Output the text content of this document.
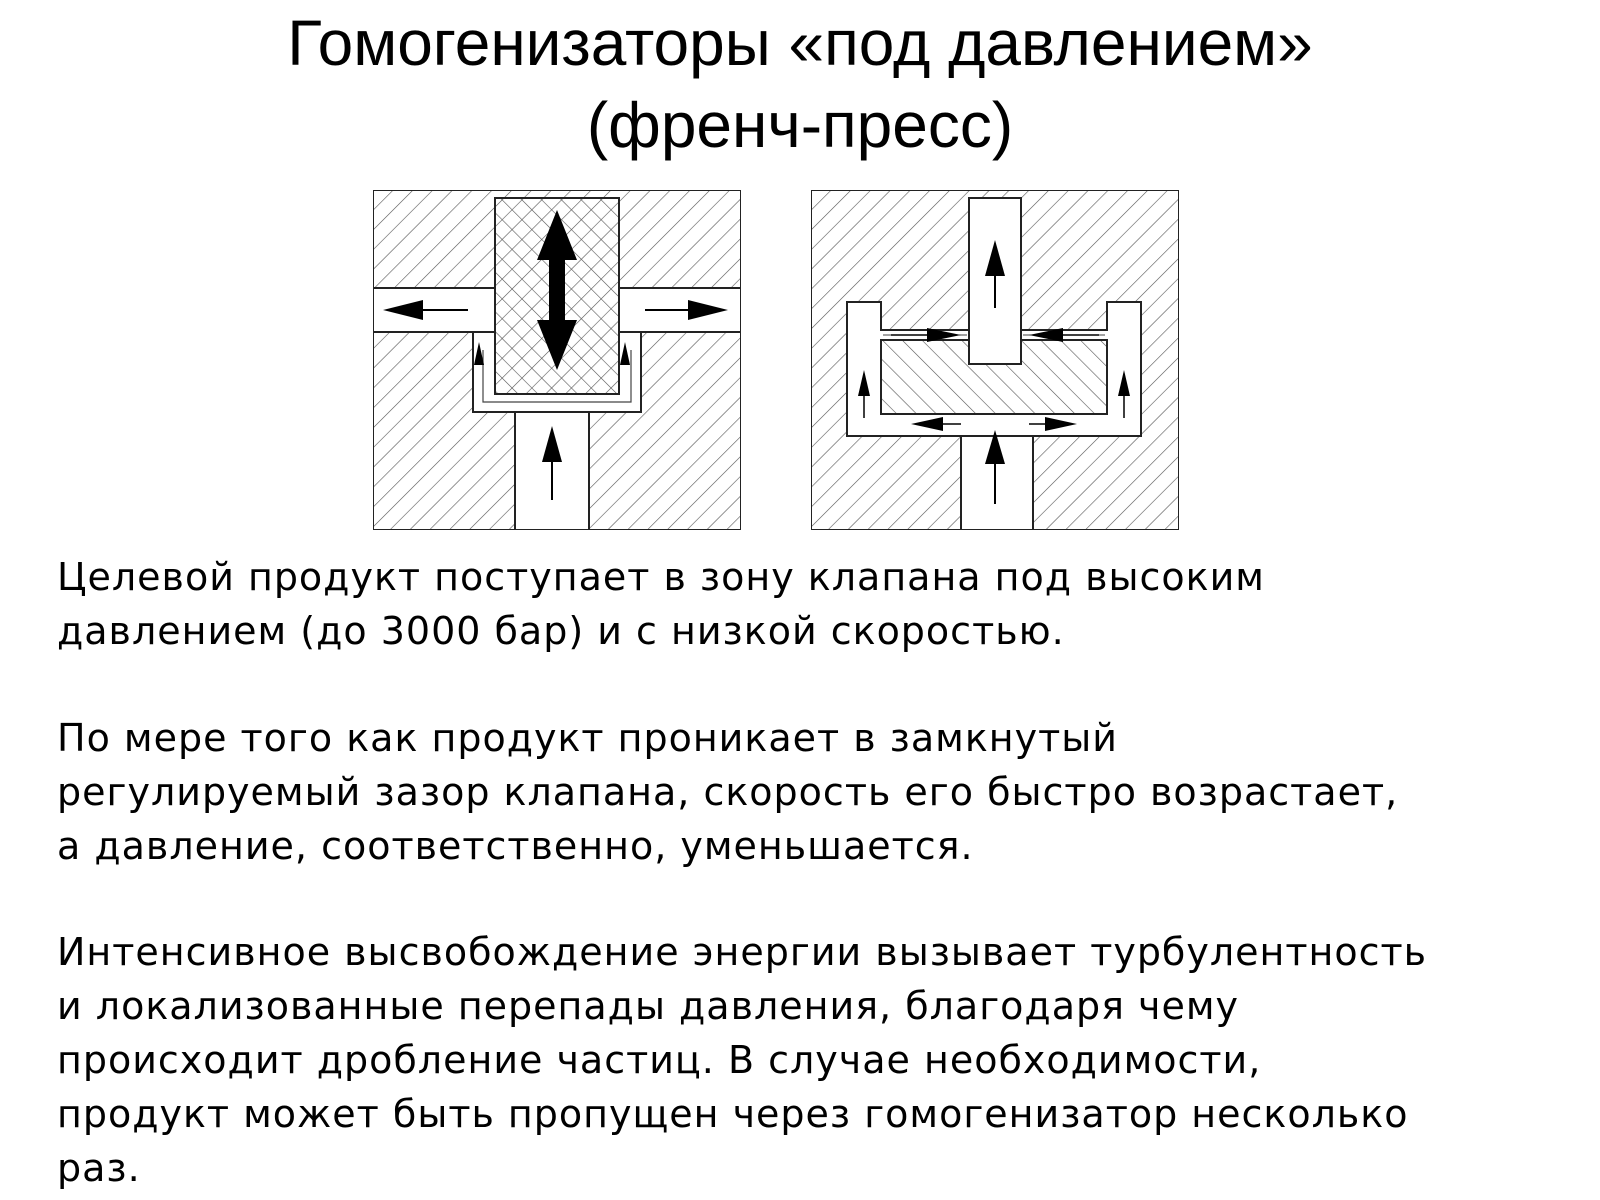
Гомогенизаторы «под давлением»
(френч-пресс)

Целевой продукт поступает в зону клапана под высоким
давлением (до 3000 бар) и с низкой скоростью.

По мере того как продукт проникает в замкнутый
регулируемый зазор клапана, скорость его быстро возрастает,
а давление, соответственно, уменьшается.

Интенсивное высвобождение энергии вызывает турбулентность
и локализованные перепады давления, благодаря чему
происходит дробление частиц. В случае необходимости,
продукт может быть пропущен через гомогенизатор несколько
раз.
